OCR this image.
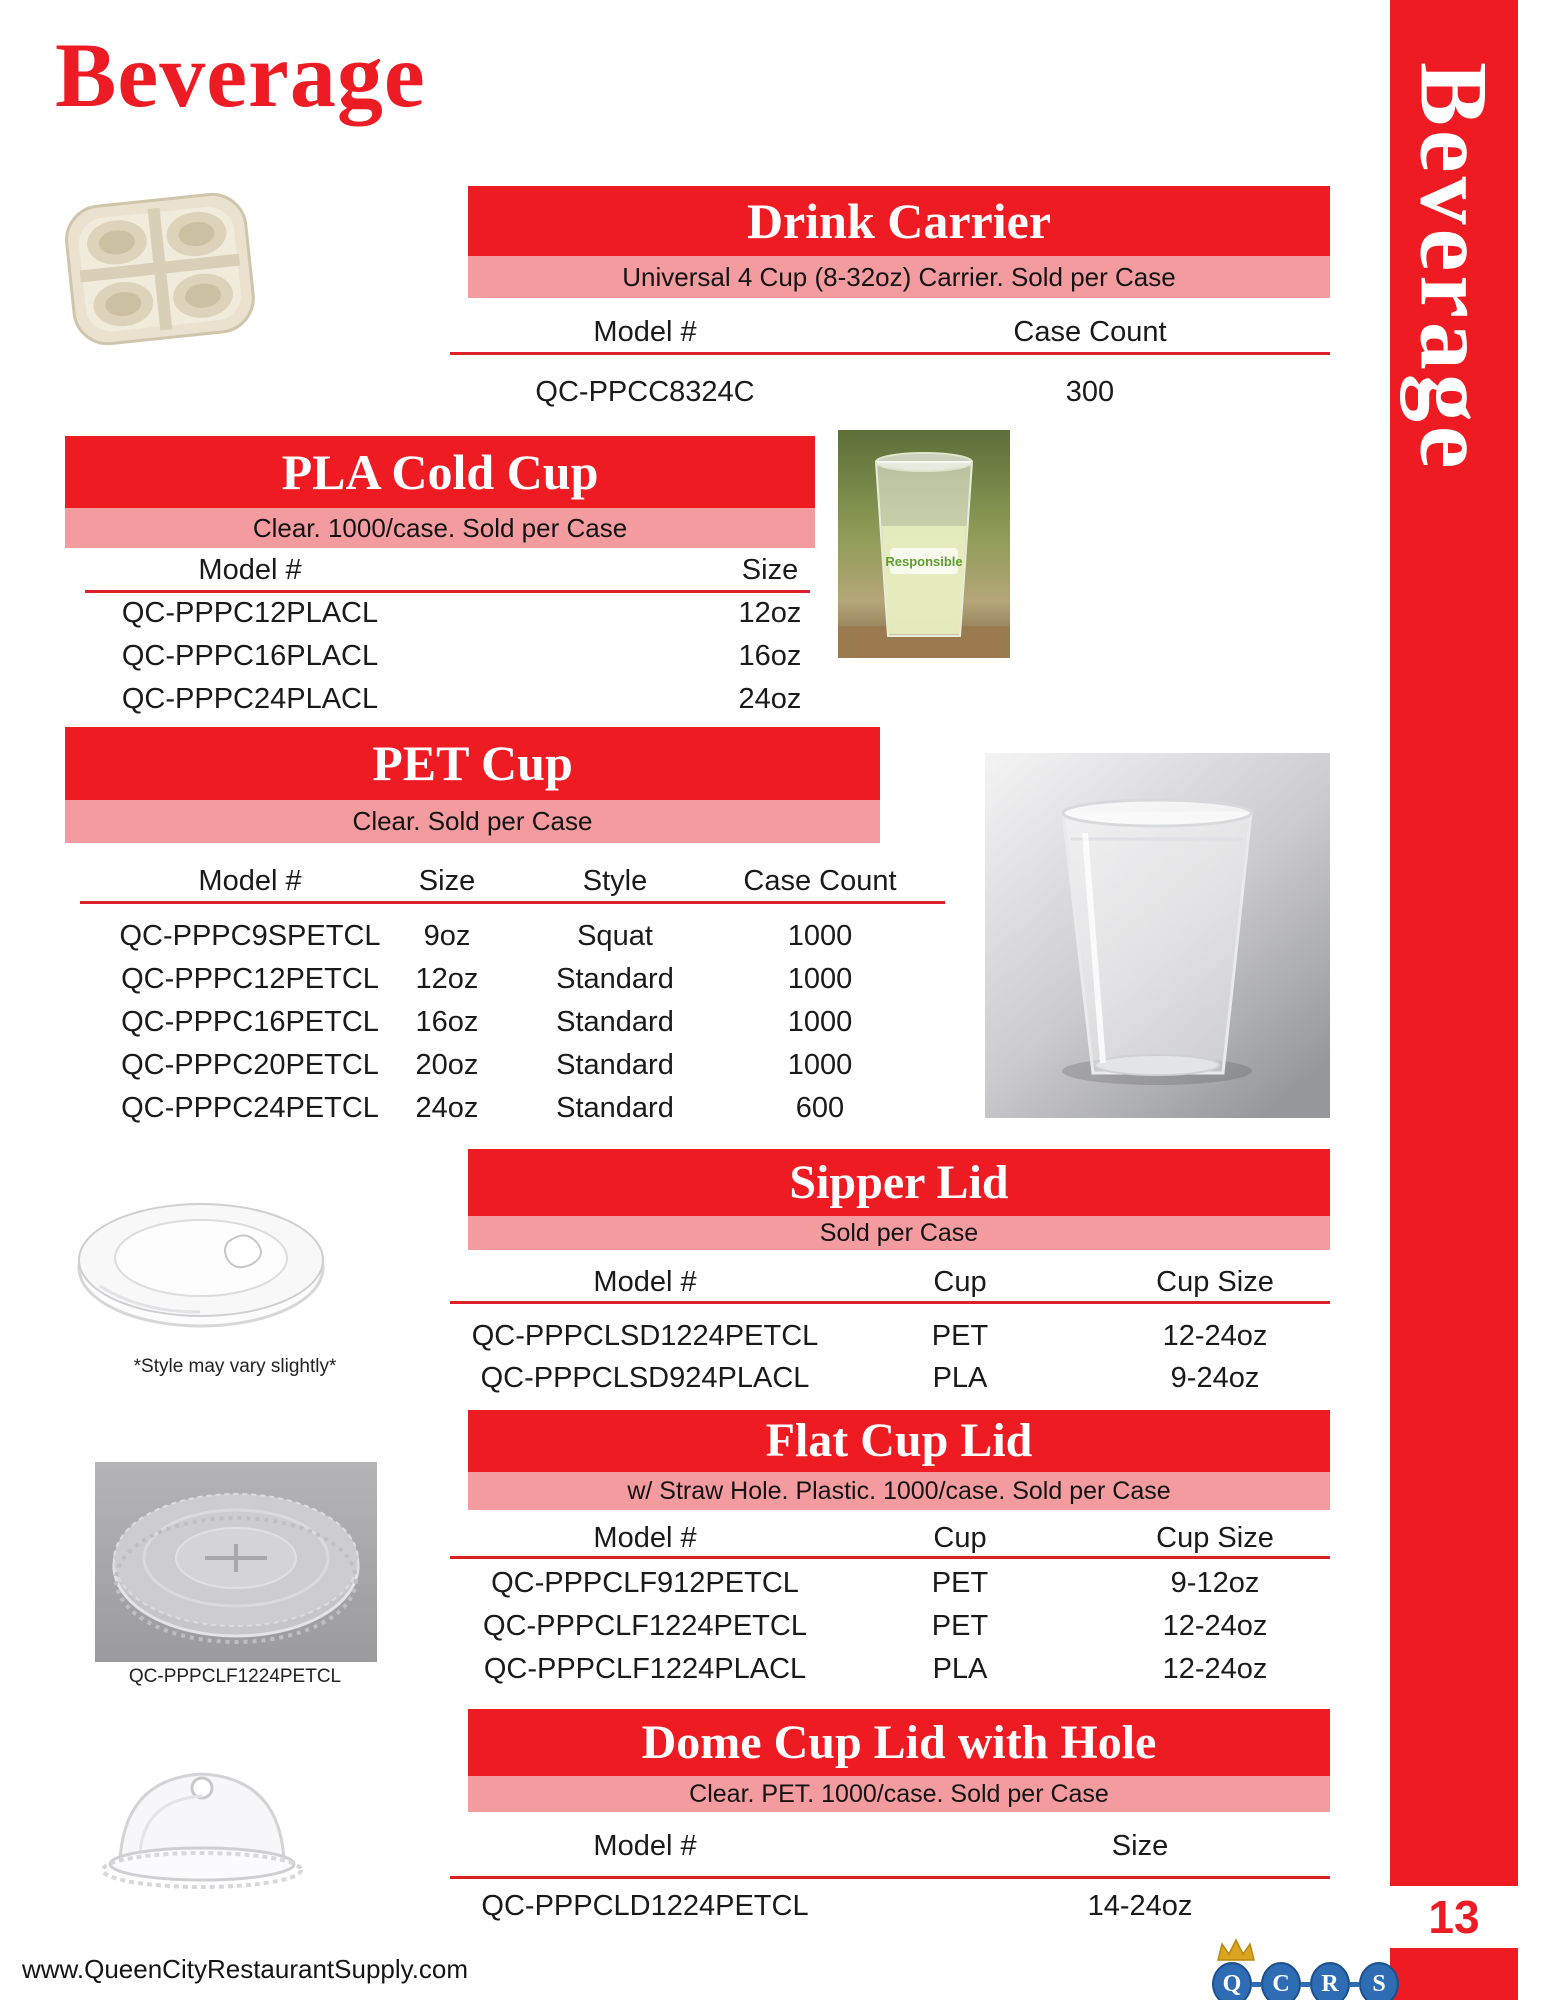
Beverage
Drink Carrier
Universal 4 Cup (8-32oz) Carrier. Sold per Case
Model #	Case Count
QC-PPCC8324C	300
Responsible
PLA Cold Cup
Clear. 1000/case. Sold per Case
Model #	Size
QC-PPPC12PLACL	12oz
QC-PPPC16PLACL	16oz
QC-PPPC24PLACL	24oz
PET Cup
Clear. Sold per Case
Model #	Size	Style	Case Count
QC-PPPC9SPETCL	9oz	Squat	1000
QC-PPPC12PETCL	12oz	Standard	1000
QC-PPPC16PETCL	16oz	Standard	1000
QC-PPPC20PETCL	20oz	Standard	1000
QC-PPPC24PETCL	24oz	Standard	600
*Style may vary slightly*
Sipper Lid
Sold per Case
Model #	Cup	Cup Size
QC-PPPCLSD1224PETCL	PET	12-24oz
QC-PPPCLSD924PLACL	PLA	9-24oz
Flat Cup Lid
w/ Straw Hole. Plastic. 1000/case. Sold per Case
Model #	Cup	Cup Size
QC-PPPCLF912PETCL	PET	9-12oz
QC-PPPCLF1224PETCL	PET	12-24oz
QC-PPPCLF1224PLACL	PLA	12-24oz
QC-PPPCLF1224PETCL
Dome Cup Lid with Hole
Clear. PET. 1000/case. Sold per Case
Model #	Size
QC-PPPCLD1224PETCL	14-24oz
Beverage
13
www.QueenCityRestaurantSupply.com	Q	C	R	S
